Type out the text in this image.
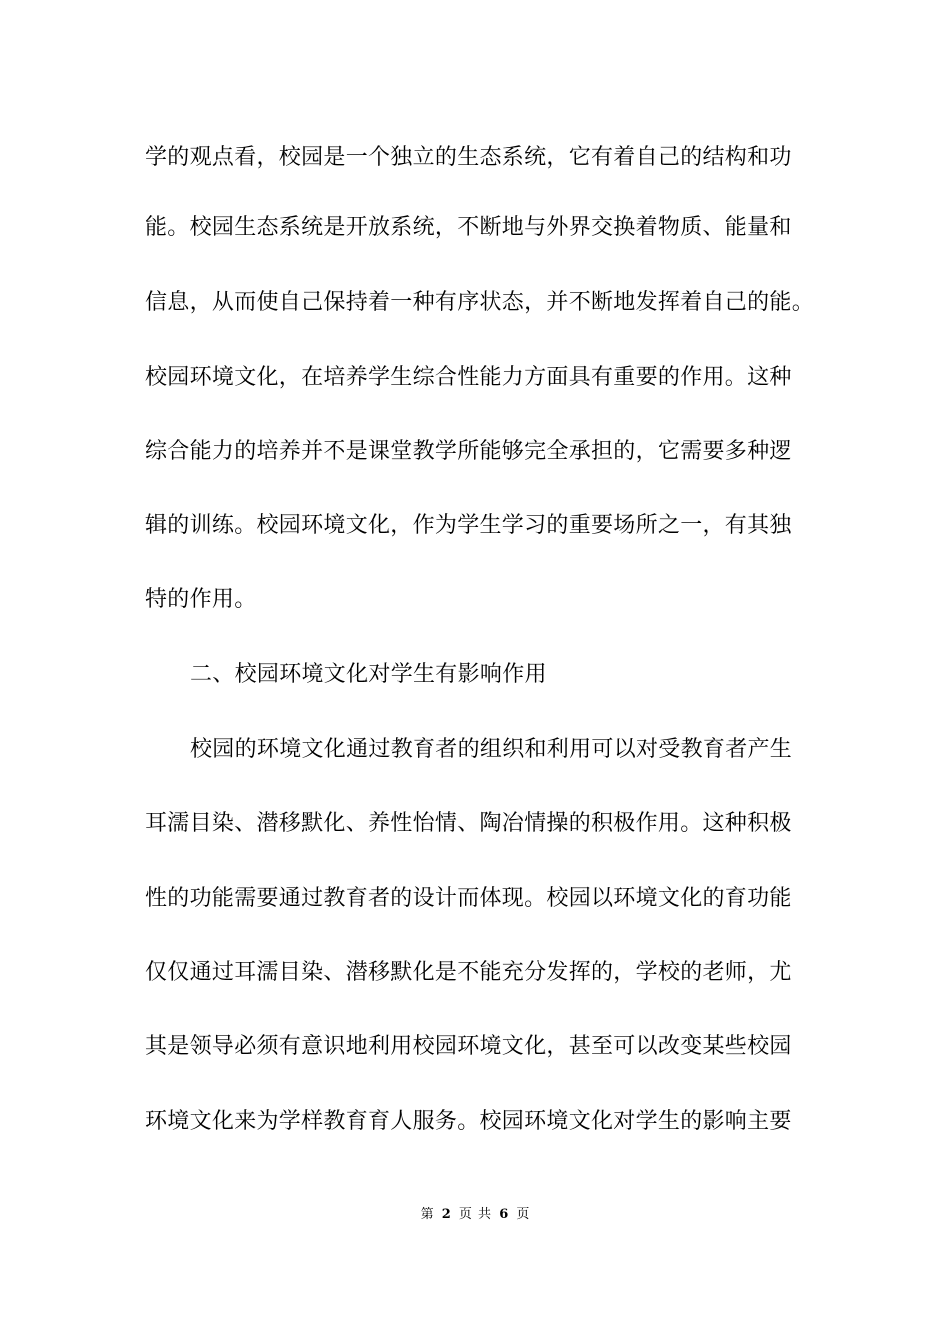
学的观点看，校园是一个独立的生态系统，它有着自己的结构和功
能。校园生态系统是开放系统，不断地与外界交换着物质、能量和
信息，从而使自己保持着一种有序状态，并不断地发挥着自己的能。
校园环境文化，在培养学生综合性能力方面具有重要的作用。这种
综合能力的培养并不是课堂教学所能够完全承担的，它需要多种逻
辑的训练。校园环境文化，作为学生学习的重要场所之一，有其独
特的作用。
二、校园环境文化对学生有影响作用
校园的环境文化通过教育者的组织和利用可以对受教育者产生
耳濡目染、潜移默化、养性怡情、陶冶情操的积极作用。这种积极
性的功能需要通过教育者的设计而体现。校园以环境文化的育功能
仅仅通过耳濡目染、潜移默化是不能充分发挥的，学校的老师，尤
其是领导必须有意识地利用校园环境文化，甚至可以改变某些校园
环境文化来为学样教育育人服务。校园环境文化对学生的影响主要
第 2 页 共 6 页
